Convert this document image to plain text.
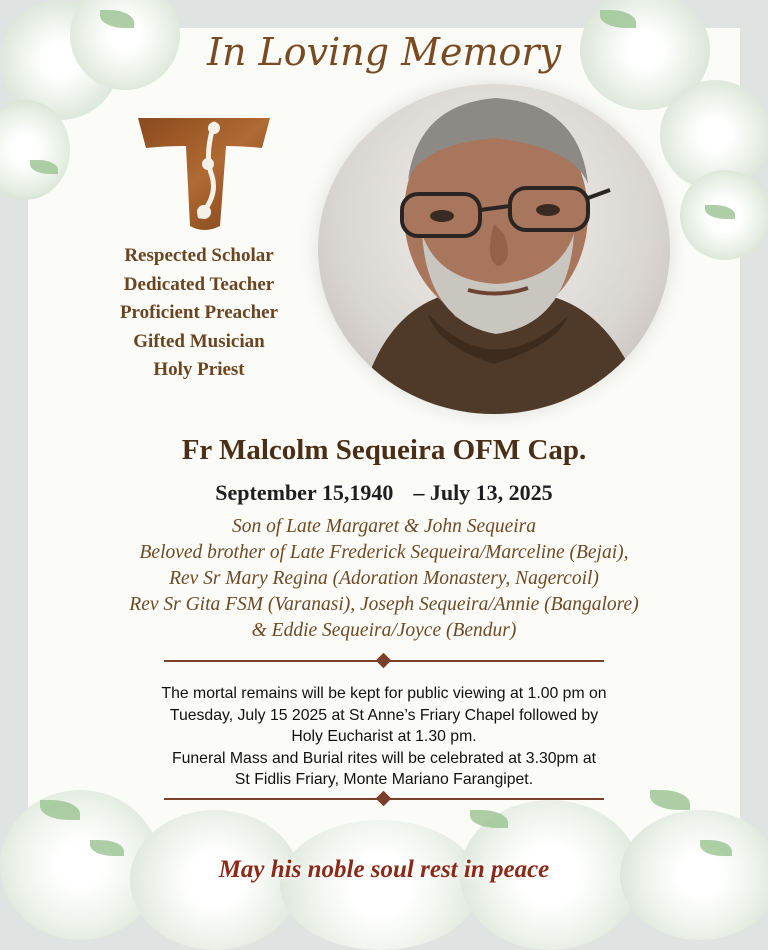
In Loving Memory
Respected Scholar
Dedicated Teacher
Proficient Preacher
Gifted Musician
Holy Priest
Fr Malcolm Sequeira OFM Cap.
September 15,1940 – July 13, 2025
Son of Late Margaret & John Sequeira
Beloved brother of Late Frederick Sequeira/Marceline (Bejai),
Rev Sr Mary Regina (Adoration Monastery, Nagercoil)
Rev Sr Gita FSM (Varanasi), Joseph Sequeira/Annie (Bangalore)
& Eddie Sequeira/Joyce (Bendur)
The mortal remains will be kept for public viewing at 1.00 pm on
Tuesday, July 15 2025 at St Anne’s Friary Chapel followed by
Holy Eucharist at 1.30 pm.
Funeral Mass and Burial rites will be celebrated at 3.30pm at
St Fidlis Friary, Monte Mariano Farangipet.
May his noble soul rest in peace
